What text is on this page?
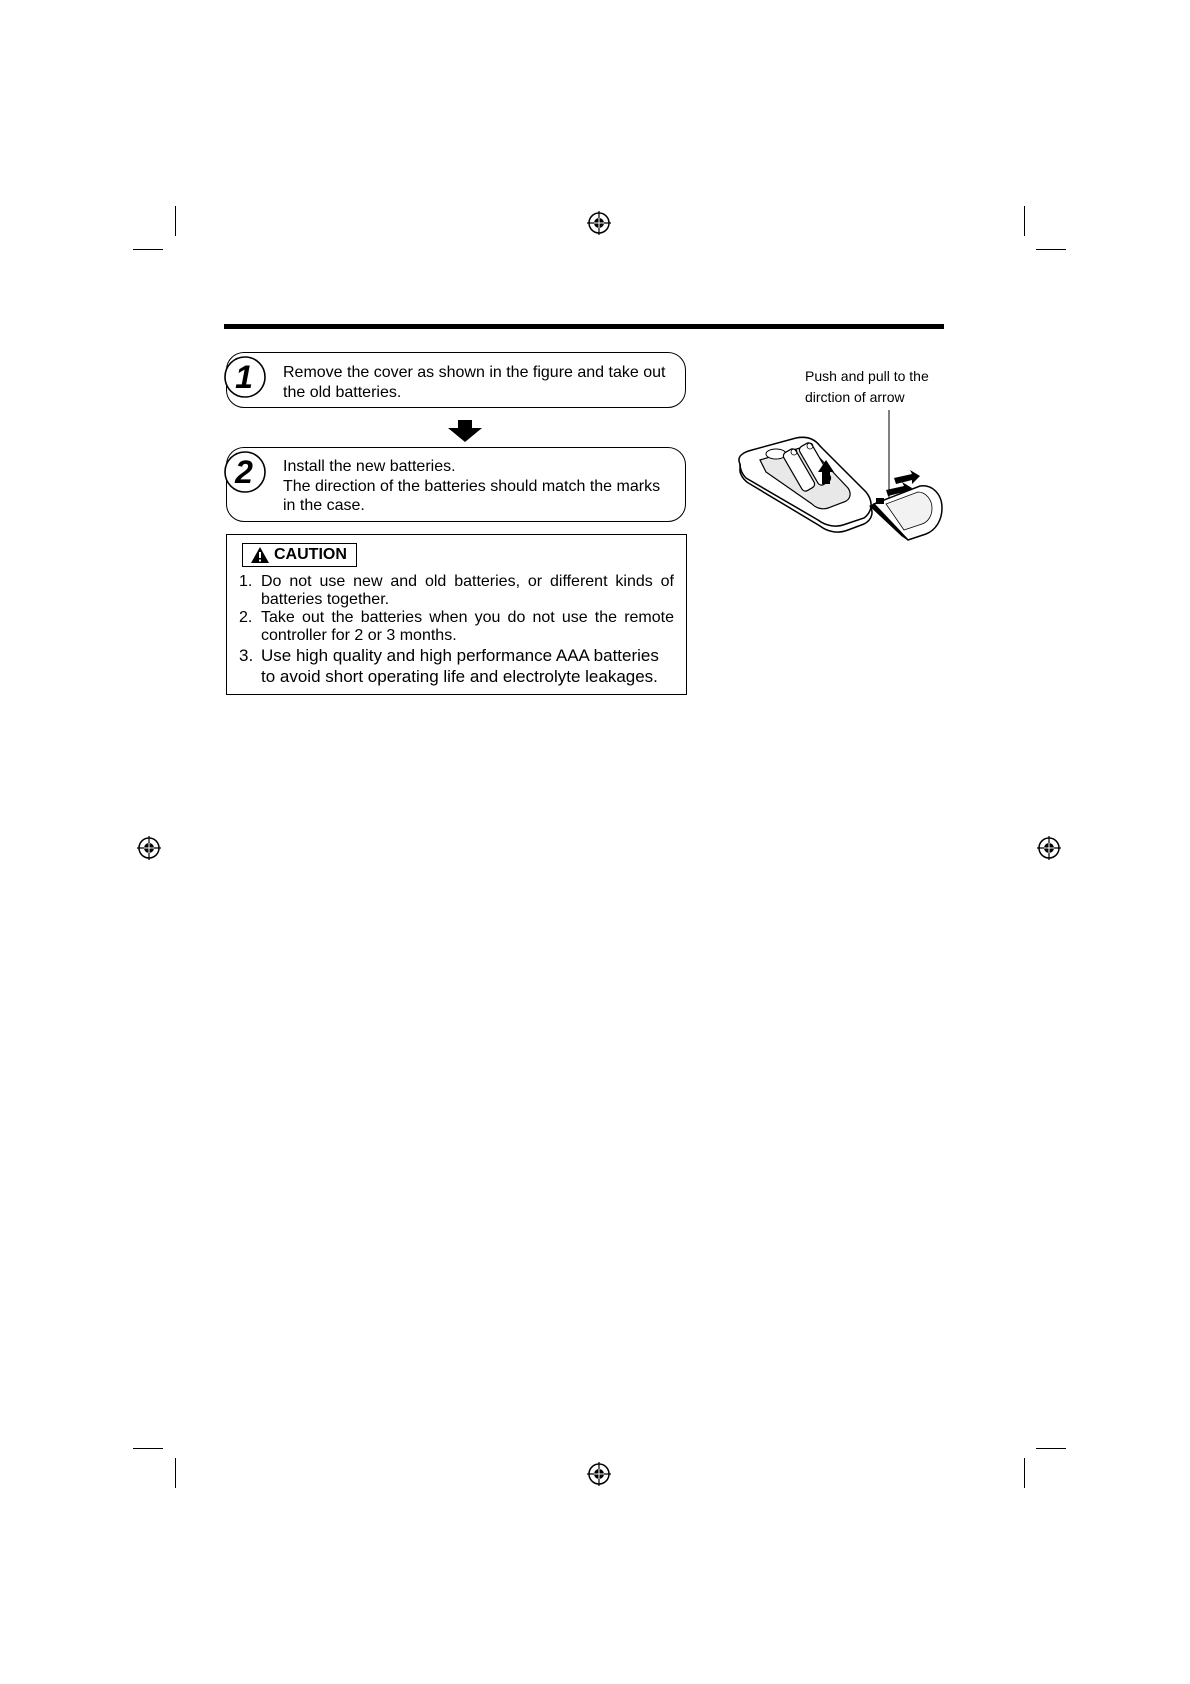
1 Remove the cover as shown in the figure and take out
the old batteries.
2 Install the new batteries.
The direction of the batteries should match the marks
in the case.
CAUTION
1. Do not use new and old batteries, or different kinds of batteries together.
2. Take out the batteries when you do not use the remote controller for 2 or 3 months.
3. Use high quality and high performance AAA batteries to avoid short operating life and electrolyte leakages.
Push and pull to the
dirction of arrow
